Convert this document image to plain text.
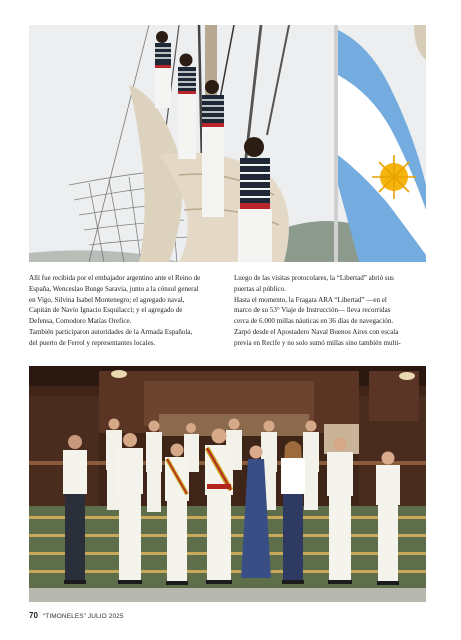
Allí fue recibida por el embajador argentino ante el Reino de

España, Wenceslao Bunge Saravia, junto a la cónsul general

en Vigo, Silvina Isabel Montenegro; el agregado naval,

Capitán de Navío Ignacio Esquilacci; y el agregado de

Defensa, Comodoro Matías Orefice.

También participaron autoridades de la Armada Española,

del puerto de Ferrol y representantes locales.

Luego de las visitas protocolares, la “Libertad” abrió sus

puertas al público.

Hasta el momento, la Fragata ARA “Libertad” —en el

marco de su 53° Viaje de Instrucción— lleva recorridas

cerca de 6.000 millas náuticas en 36 días de navegación.

Zarpó desde el Apostadero Naval Buenos Aires con escala

previa en Recife y no solo sumó millas sino también multi-

70 “TIMONELES” JULIO 2025
